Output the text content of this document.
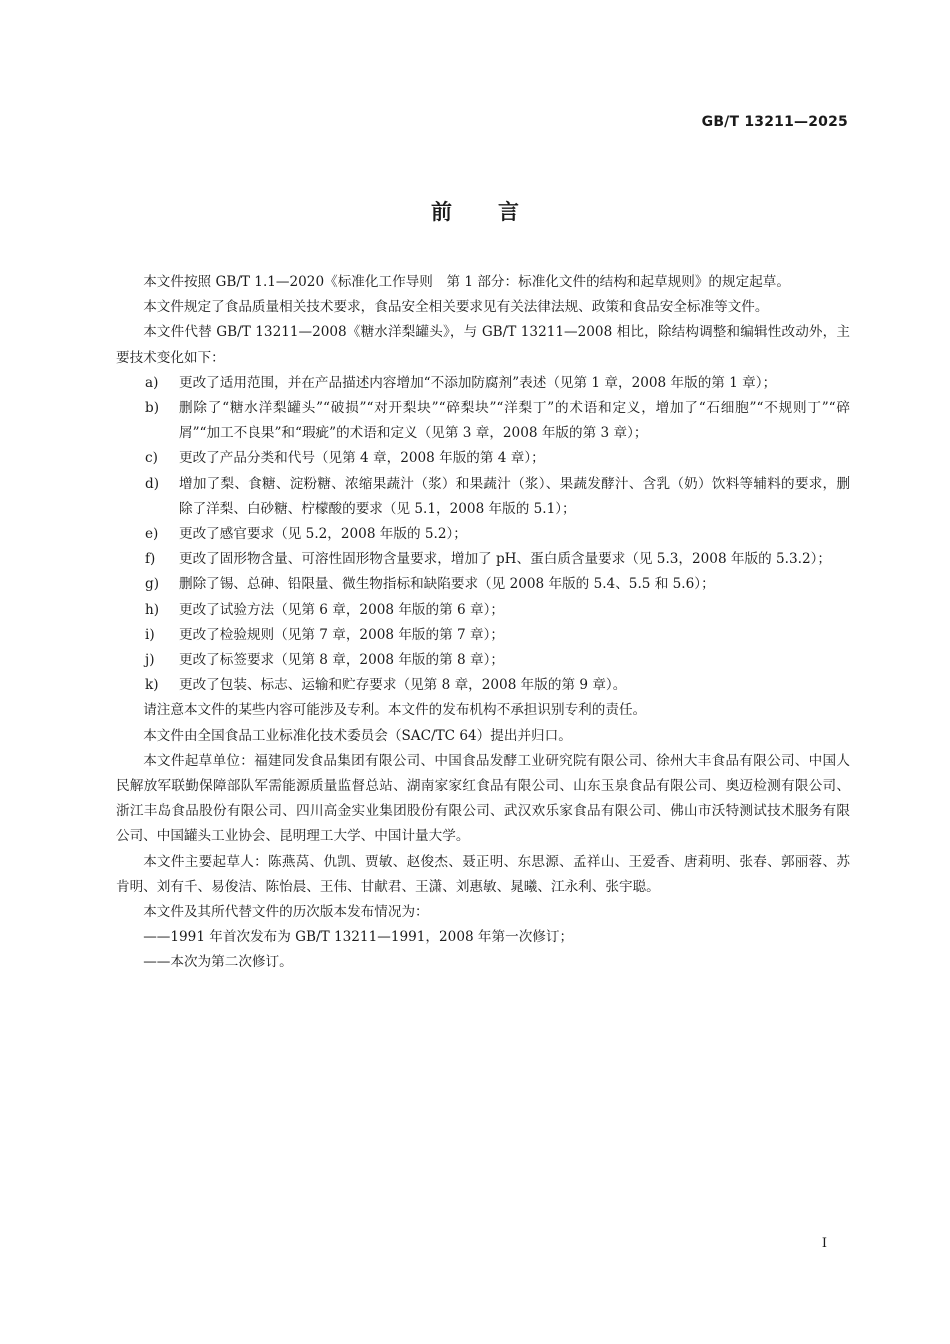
GB/T 13211—2025
前言

本文件按照 GB/T 1.1—2020《标准化工作导则　第 1 部分：标准化文件的结构和起草规则》的规定起草。

本文件规定了食品质量相关技术要求，食品安全相关要求见有关法律法规、政策和食品安全标准等文件。

本文件代替 GB/T 13211—2008《糖水洋梨罐头》，与 GB/T 13211—2008 相比，除结构调整和编辑性改动外，主要技术变化如下：

a) 更改了适用范围，并在产品描述内容增加“不添加防腐剂”表述（见第 1 章，2008 年版的第 1 章）；
b) 删除了“糖水洋梨罐头”“破损”“对开梨块”“碎梨块”“洋梨丁”的术语和定义，增加了“石细胞”“不规则丁”“碎屑”“加工不良果”和“瑕疵”的术语和定义（见第 3 章，2008 年版的第 3 章）；
c) 更改了产品分类和代号（见第 4 章，2008 年版的第 4 章）；
d) 增加了梨、食糖、淀粉糖、浓缩果蔬汁（浆）和果蔬汁（浆）、果蔬发酵汁、含乳（奶）饮料等辅料的要求，删除了洋梨、白砂糖、柠檬酸的要求（见 5.1，2008 年版的 5.1）；
e) 更改了感官要求（见 5.2，2008 年版的 5.2）；
f) 更改了固形物含量、可溶性固形物含量要求，增加了 pH、蛋白质含量要求（见 5.3，2008 年版的 5.3.2）；
g) 删除了锡、总砷、铅限量、微生物指标和缺陷要求（见 2008 年版的 5.4、5.5 和 5.6）；
h) 更改了试验方法（见第 6 章，2008 年版的第 6 章）；
i) 更改了检验规则（见第 7 章，2008 年版的第 7 章）；
j) 更改了标签要求（见第 8 章，2008 年版的第 8 章）；
k) 更改了包装、标志、运输和贮存要求（见第 8 章，2008 年版的第 9 章）。

请注意本文件的某些内容可能涉及专利。本文件的发布机构不承担识别专利的责任。

本文件由全国食品工业标准化技术委员会（SAC/TC 64）提出并归口。

本文件起草单位：福建同发食品集团有限公司、中国食品发酵工业研究院有限公司、徐州大丰食品有限公司、中国人民解放军联勤保障部队军需能源质量监督总站、湖南家家红食品有限公司、山东玉泉食品有限公司、奥迈检测有限公司、浙江丰岛食品股份有限公司、四川高金实业集团股份有限公司、武汉欢乐家食品有限公司、佛山市沃特测试技术服务有限公司、中国罐头工业协会、昆明理工大学、中国计量大学。

本文件主要起草人：陈燕莴、仇凯、贾敏、赵俊杰、聂正明、东思源、孟祥山、王爱香、唐莉明、张春、郭丽蓉、苏肯明、刘有千、易俊洁、陈怡晨、王伟、甘献君、王潇、刘惠敏、晁曦、江永利、张宇聪。

本文件及其所代替文件的历次版本发布情况为：

——1991 年首次发布为 GB/T 13211—1991，2008 年第一次修订；

——本次为第二次修订。

I
